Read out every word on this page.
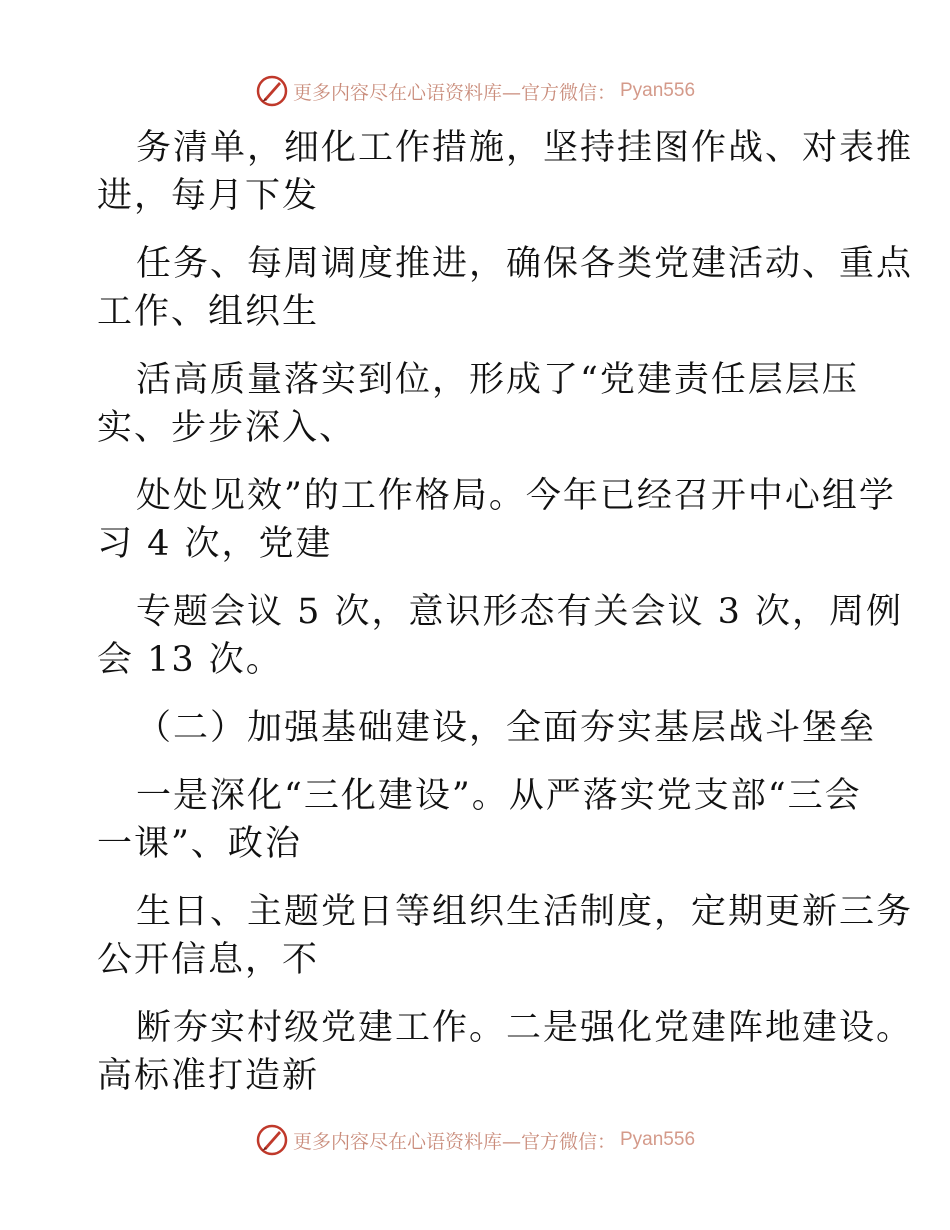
更多内容尽在心语资料库—官方微信： Pyan556

务清单，细化工作措施，坚持挂图作战、对表推
进，每月下发

任务、每周调度推进，确保各类党建活动、重点
工作、组织生

活高质量落实到位，形成了“党建责任层层压
实、步步深入、

处处见效”的工作格局。今年已经召开中心组学
习 4 次，党建

专题会议 5 次，意识形态有关会议 3 次，周例
会 13 次。

（二）加强基础建设，全面夯实基层战斗堡垒

一是深化“三化建设”。从严落实党支部“三会
一课”、政治

生日、主题党日等组织生活制度，定期更新三务
公开信息，不

断夯实村级党建工作。二是强化党建阵地建设。
高标准打造新

更多内容尽在心语资料库—官方微信： Pyan556
